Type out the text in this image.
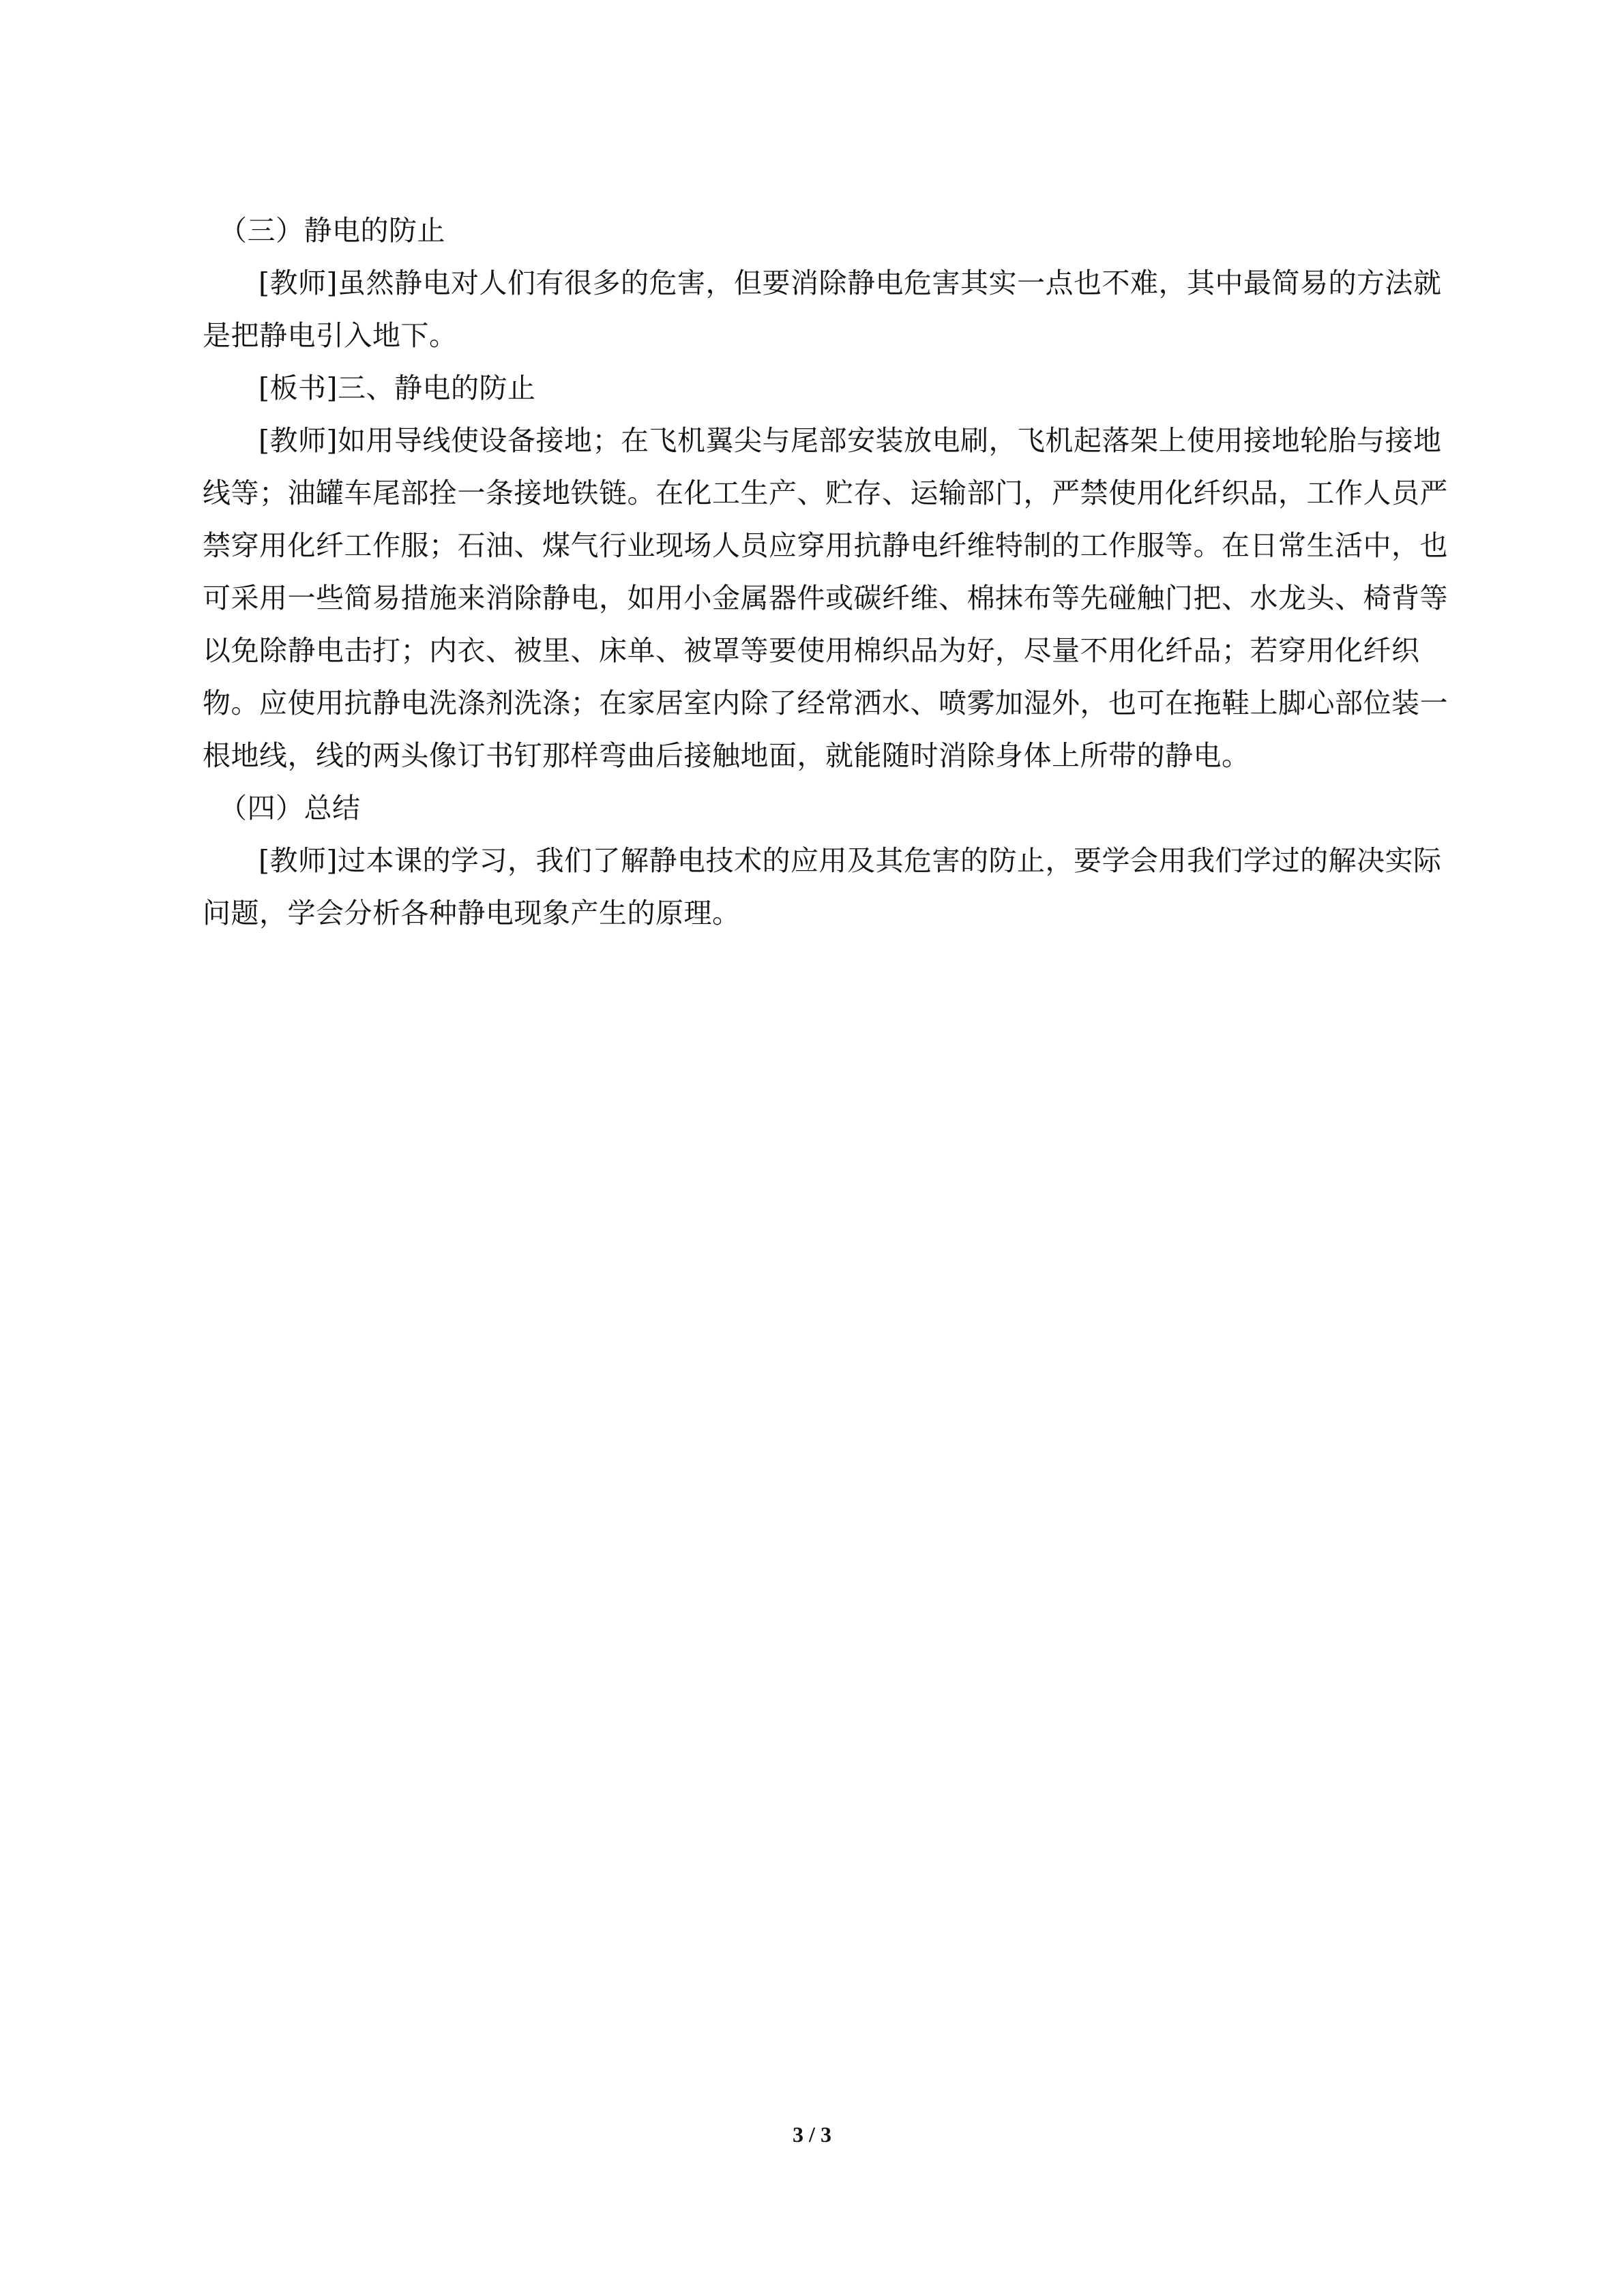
（三）静电的防止

[教师]虽然静电对人们有很多的危害，但要消除静电危害其实一点也不难，其中最简易的方法就是把静电引入地下。

[板书]三、静电的防止

[教师]如用导线使设备接地；在飞机翼尖与尾部安装放电刷，飞机起落架上使用接地轮胎与接地线等；油罐车尾部拴一条接地铁链。在化工生产、贮存、运输部门，严禁使用化纤织品，工作人员严禁穿用化纤工作服；石油、煤气行业现场人员应穿用抗静电纤维特制的工作服等。在日常生活中，也可采用一些简易措施来消除静电，如用小金属器件或碳纤维、棉抹布等先碰触门把、水龙头、椅背等以免除静电击打；内衣、被里、床单、被罩等要使用棉织品为好，尽量不用化纤品；若穿用化纤织物。应使用抗静电洗涤剂洗涤；在家居室内除了经常洒水、喷雾加湿外，也可在拖鞋上脚心部位装一根地线，线的两头像订书钉那样弯曲后接触地面，就能随时消除身体上所带的静电。

（四）总结

[教师]过本课的学习，我们了解静电技术的应用及其危害的防止，要学会用我们学过的解决实际问题，学会分析各种静电现象产生的原理。

3 / 3
